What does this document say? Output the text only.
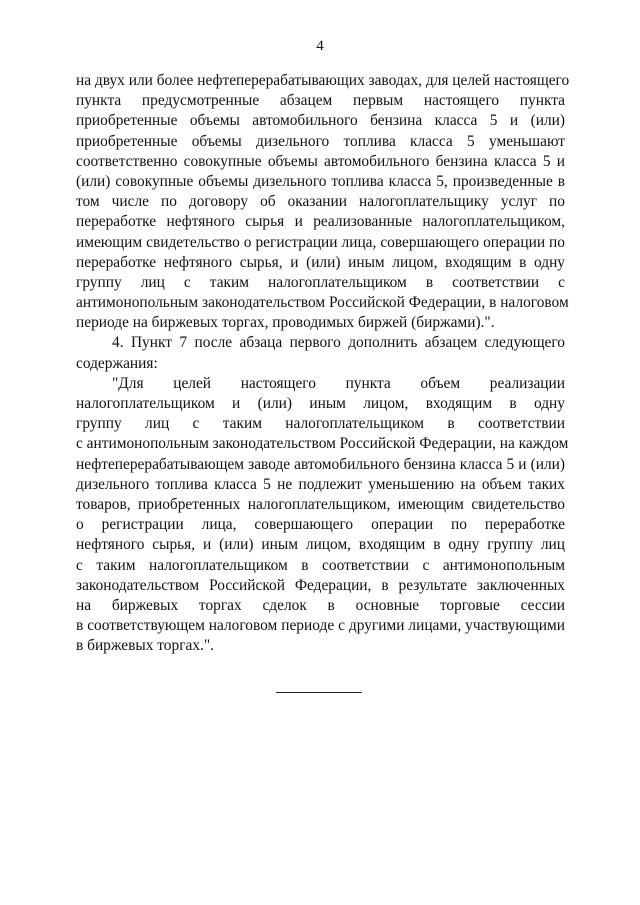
4
на двух или более нефтеперерабатывающих заводах, для целей настоящего
пункта предусмотренные абзацем первым настоящего пункта
приобретенные объемы автомобильного бензина класса 5 и (или)
приобретенные объемы дизельного топлива класса 5 уменьшают
соответственно совокупные объемы автомобильного бензина класса 5 и
(или) совокупные объемы дизельного топлива класса 5, произведенные в
том числе по договору об оказании налогоплательщику услуг по
переработке нефтяного сырья и реализованные налогоплательщиком,
имеющим свидетельство о регистрации лица, совершающего операции по
переработке нефтяного сырья, и (или) иным лицом, входящим в одну
группу лиц с таким налогоплательщиком в соответствии с
антимонопольным законодательством Российской Федерации, в налоговом
периоде на биржевых торгах, проводимых биржей (биржами).".
4. Пункт 7 после абзаца первого дополнить абзацем следующего
содержания:
"Для целей настоящего пункта объем реализации
налогоплательщиком и (или) иным лицом, входящим в одну
группу лиц с таким налогоплательщиком в соответствии
с антимонопольным законодательством Российской Федерации, на каждом
нефтеперерабатывающем заводе автомобильного бензина класса 5 и (или)
дизельного топлива класса 5 не подлежит уменьшению на объем таких
товаров, приобретенных налогоплательщиком, имеющим свидетельство
о регистрации лица, совершающего операции по переработке
нефтяного сырья, и (или) иным лицом, входящим в одну группу лиц
с таким налогоплательщиком в соответствии с антимонопольным
законодательством Российской Федерации, в результате заключенных
на биржевых торгах сделок в основные торговые сессии
в соответствующем налоговом периоде с другими лицами, участвующими
в биржевых торгах.".
